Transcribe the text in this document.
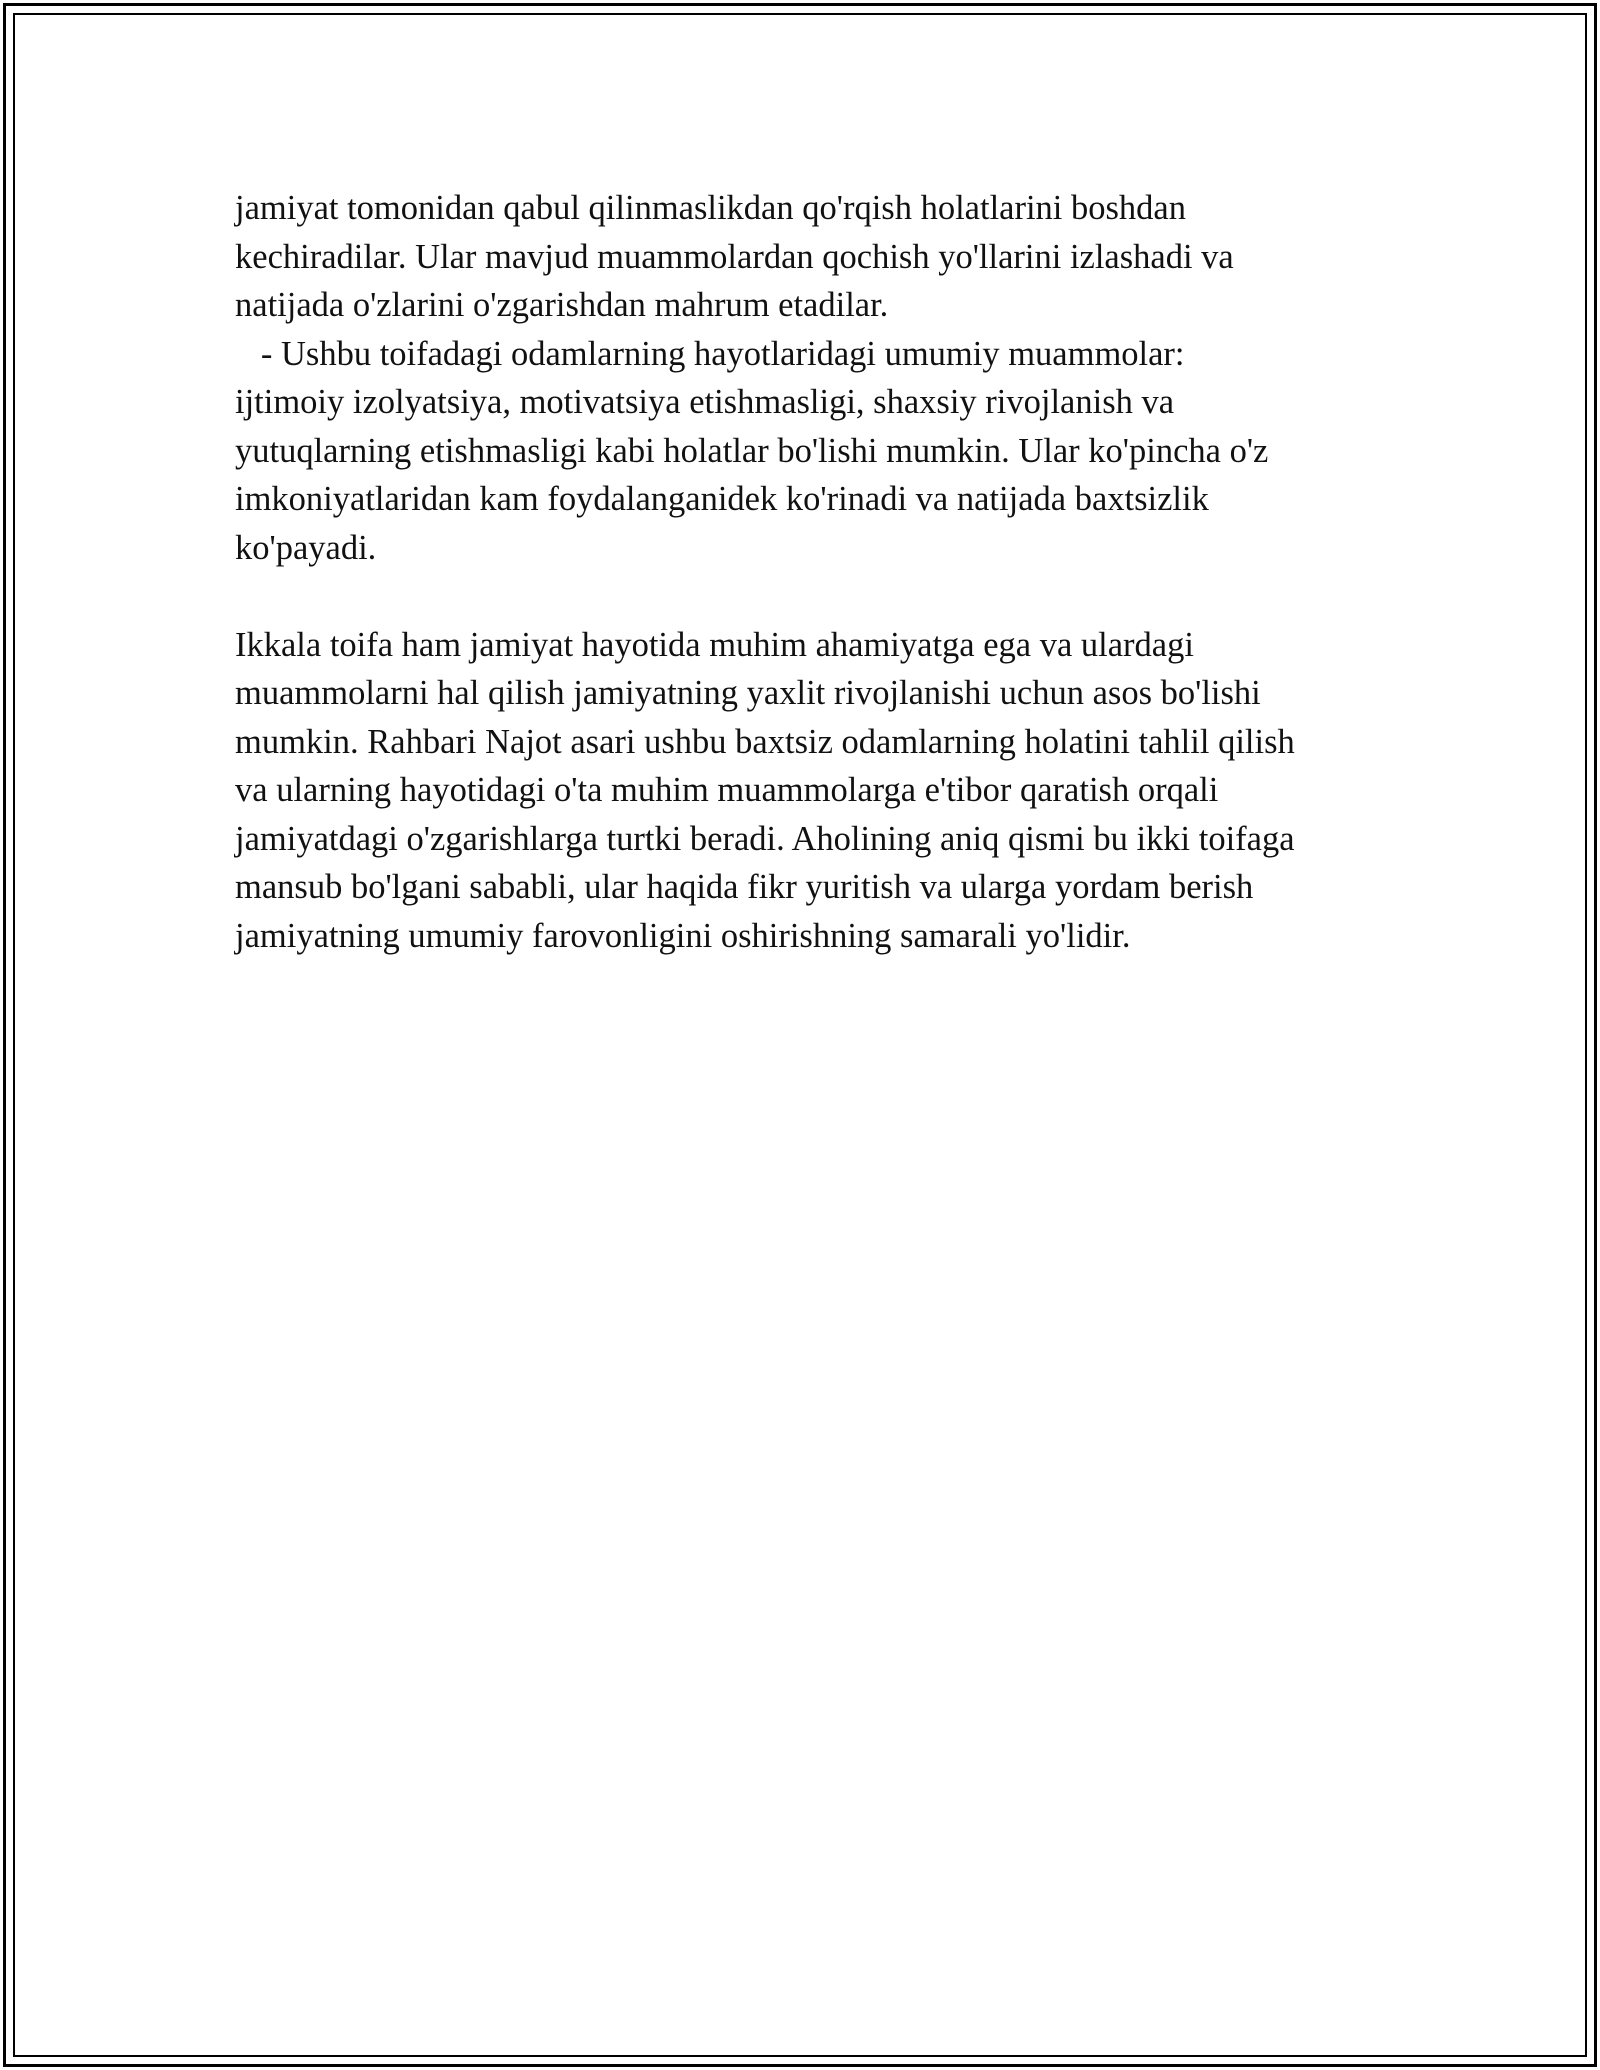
jamiyat tomonidan qabul qilinmaslikdan qo'rqish holatlarini boshdan
kechiradilar. Ular mavjud muammolardan qochish yo'llarini izlashadi va
natijada o'zlarini o'zgarishdan mahrum etadilar.
- Ushbu toifadagi odamlarning hayotlaridagi umumiy muammolar:
ijtimoiy izolyatsiya, motivatsiya etishmasligi, shaxsiy rivojlanish va
yutuqlarning etishmasligi kabi holatlar bo'lishi mumkin. Ular ko'pincha o'z
imkoniyatlaridan kam foydalanganidek ko'rinadi va natijada baxtsizlik
ko'payadi.
Ikkala toifa ham jamiyat hayotida muhim ahamiyatga ega va ulardagi
muammolarni hal qilish jamiyatning yaxlit rivojlanishi uchun asos bo'lishi
mumkin. Rahbari Najot asari ushbu baxtsiz odamlarning holatini tahlil qilish
va ularning hayotidagi o'ta muhim muammolarga e'tibor qaratish orqali
jamiyatdagi o'zgarishlarga turtki beradi. Aholining aniq qismi bu ikki toifaga
mansub bo'lgani sababli, ular haqida fikr yuritish va ularga yordam berish
jamiyatning umumiy farovonligini oshirishning samarali yo'lidir.
